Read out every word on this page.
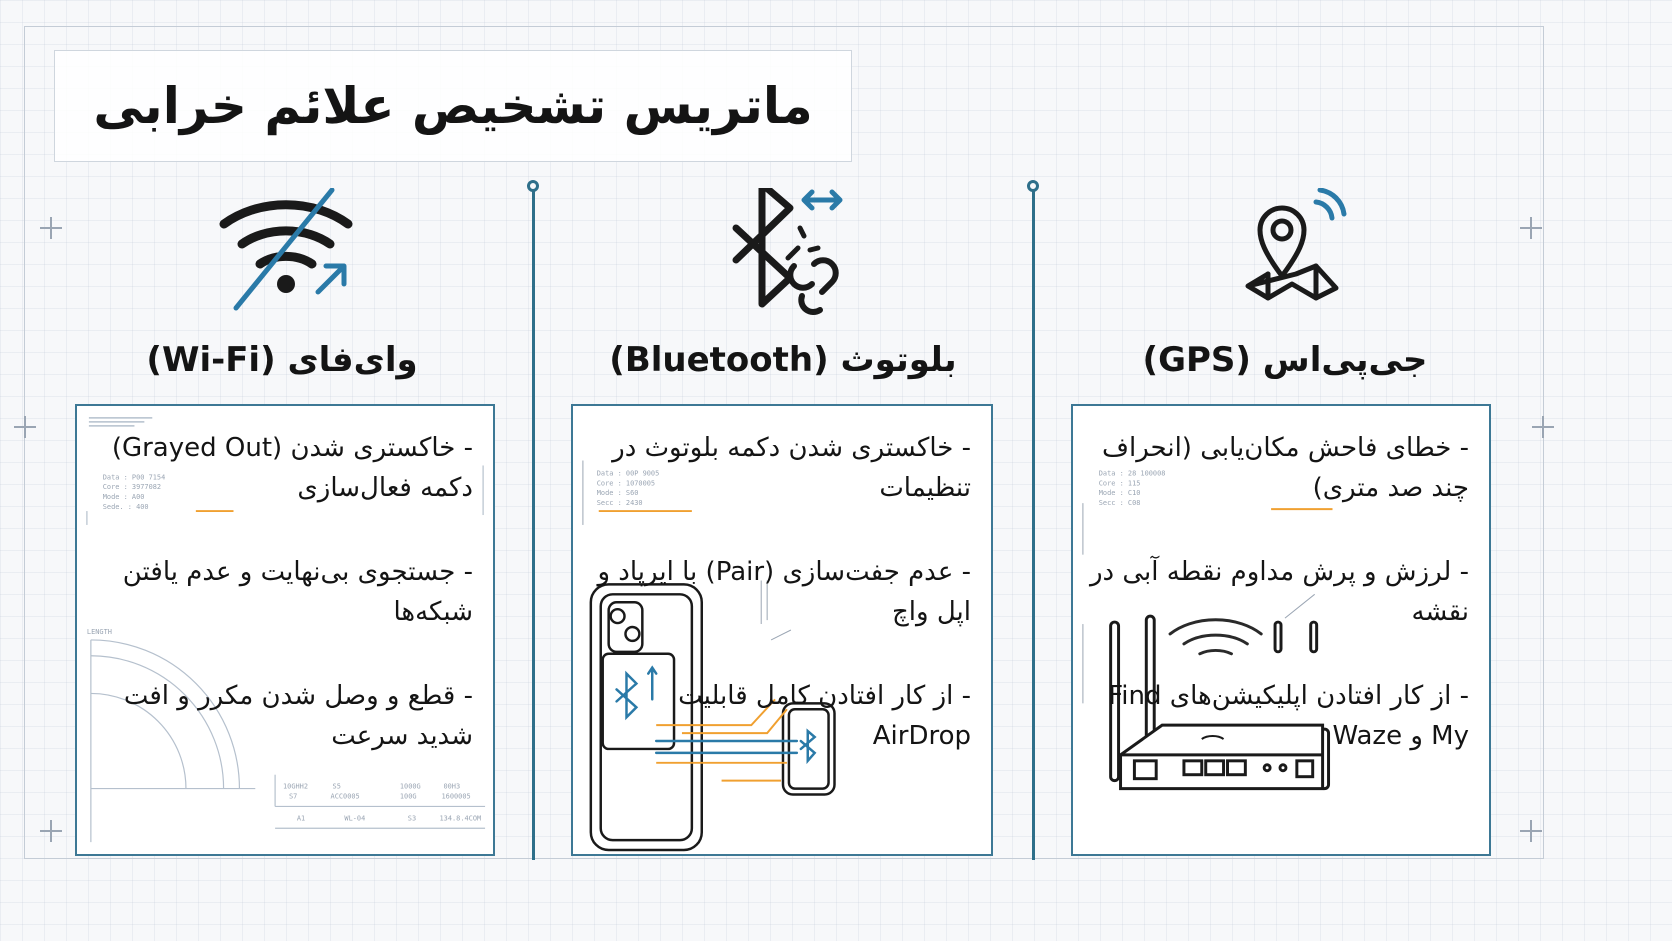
ماتریس تشخیص علائم خرابی
جی‌پی‌اس (GPS)
Data : 28 100008
Core : 115
Mode : C10
Secc : C08
- خطای فاحش مکان‌یابی (انحراف چند صد متری)
- لرزش و پرش مداوم نقطه آبی در نقشه
- از کار افتادن اپلیکیشن‌های Find My و Waze
بلوتوث (Bluetooth)
Data : 00P 9005
Core : 1070005
Mode : S60
Secc : 2430
- خاکستری شدن دکمه بلوتوث در تنظیمات
- عدم جفت‌سازی (Pair) با ایرپاد و اپل واچ
- از کار افتادن کامل قابلیت AirDrop
وای‌فای (Wi-Fi)
Data : P00 7154
Core : 3977082
Mode : A00
Sede. : 400
LENGTH
10GHH2
S7
S5
ACC0005
1000G
100G
00H3
1600005
A1	WL-04	S3	134.8.4COM
- خاکستری شدن (Grayed Out) دکمه فعال‌سازی
- جستجوی بی‌نهایت و عدم یافتن شبکه‌ها
- قطع و وصل شدن مکرر و افت شدید سرعت
